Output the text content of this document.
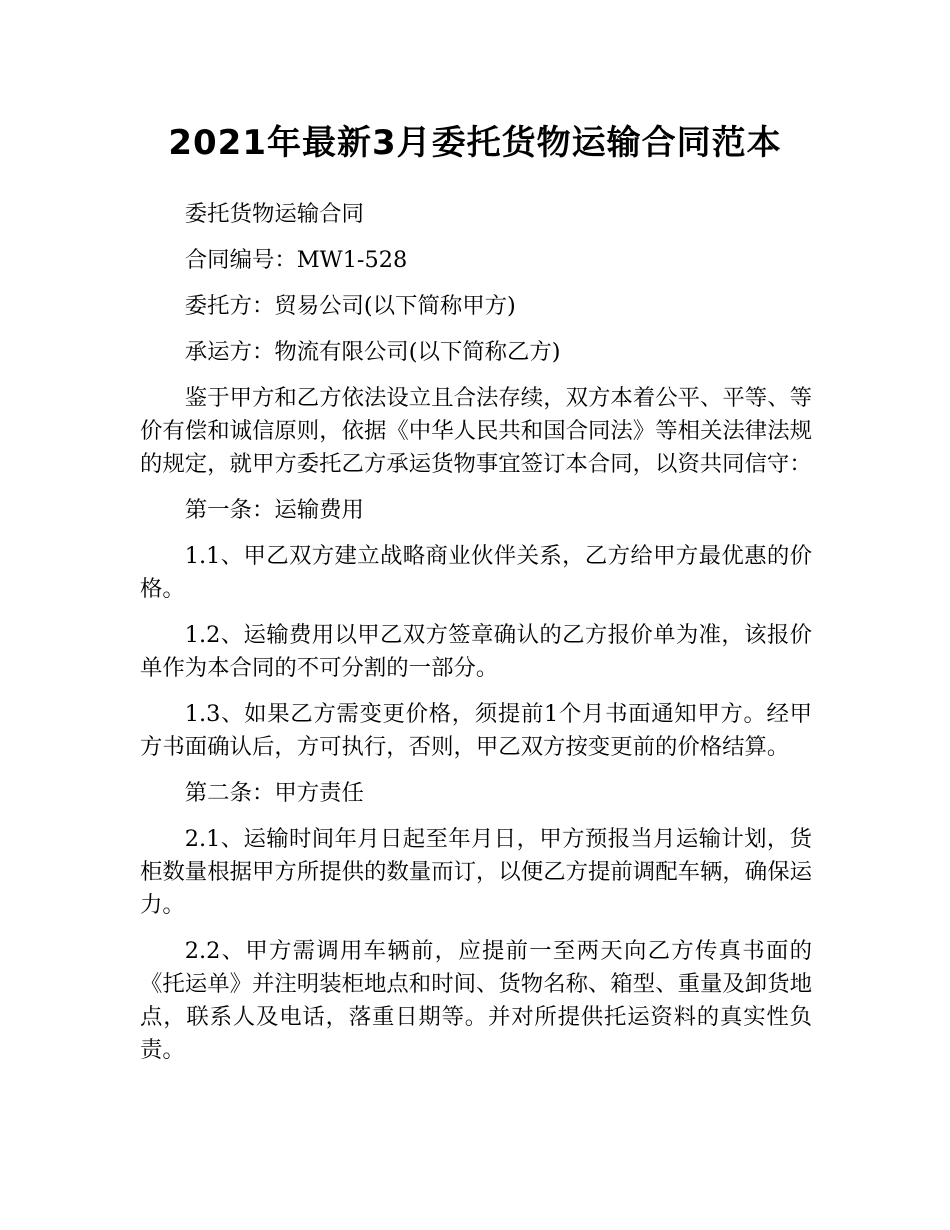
2021年最新3月委托货物运输合同范本

委托货物运输合同

合同编号：MW1-528

委托方：贸易公司(以下简称甲方)

承运方：物流有限公司(以下简称乙方)

鉴于甲方和乙方依法设立且合法存续，双方本着公平、平等、等价有偿和诚信原则，依据《中华人民共和国合同法》等相关法律法规的规定，就甲方委托乙方承运货物事宜签订本合同，以资共同信守：

第一条：运输费用

1.1、甲乙双方建立战略商业伙伴关系，乙方给甲方最优惠的价格。

1.2、运输费用以甲乙双方签章确认的乙方报价单为准，该报价单作为本合同的不可分割的一部分。

1.3、如果乙方需变更价格，须提前1个月书面通知甲方。经甲方书面确认后，方可执行，否则，甲乙双方按变更前的价格结算。

第二条：甲方责任

2.1、运输时间年月日起至年月日，甲方预报当月运输计划，货柜数量根据甲方所提供的数量而订，以便乙方提前调配车辆，确保运力。

2.2、甲方需调用车辆前，应提前一至两天向乙方传真书面的《托运单》并注明装柜地点和时间、货物名称、箱型、重量及卸货地点，联系人及电话，落重日期等。并对所提供托运资料的真实性负责。
